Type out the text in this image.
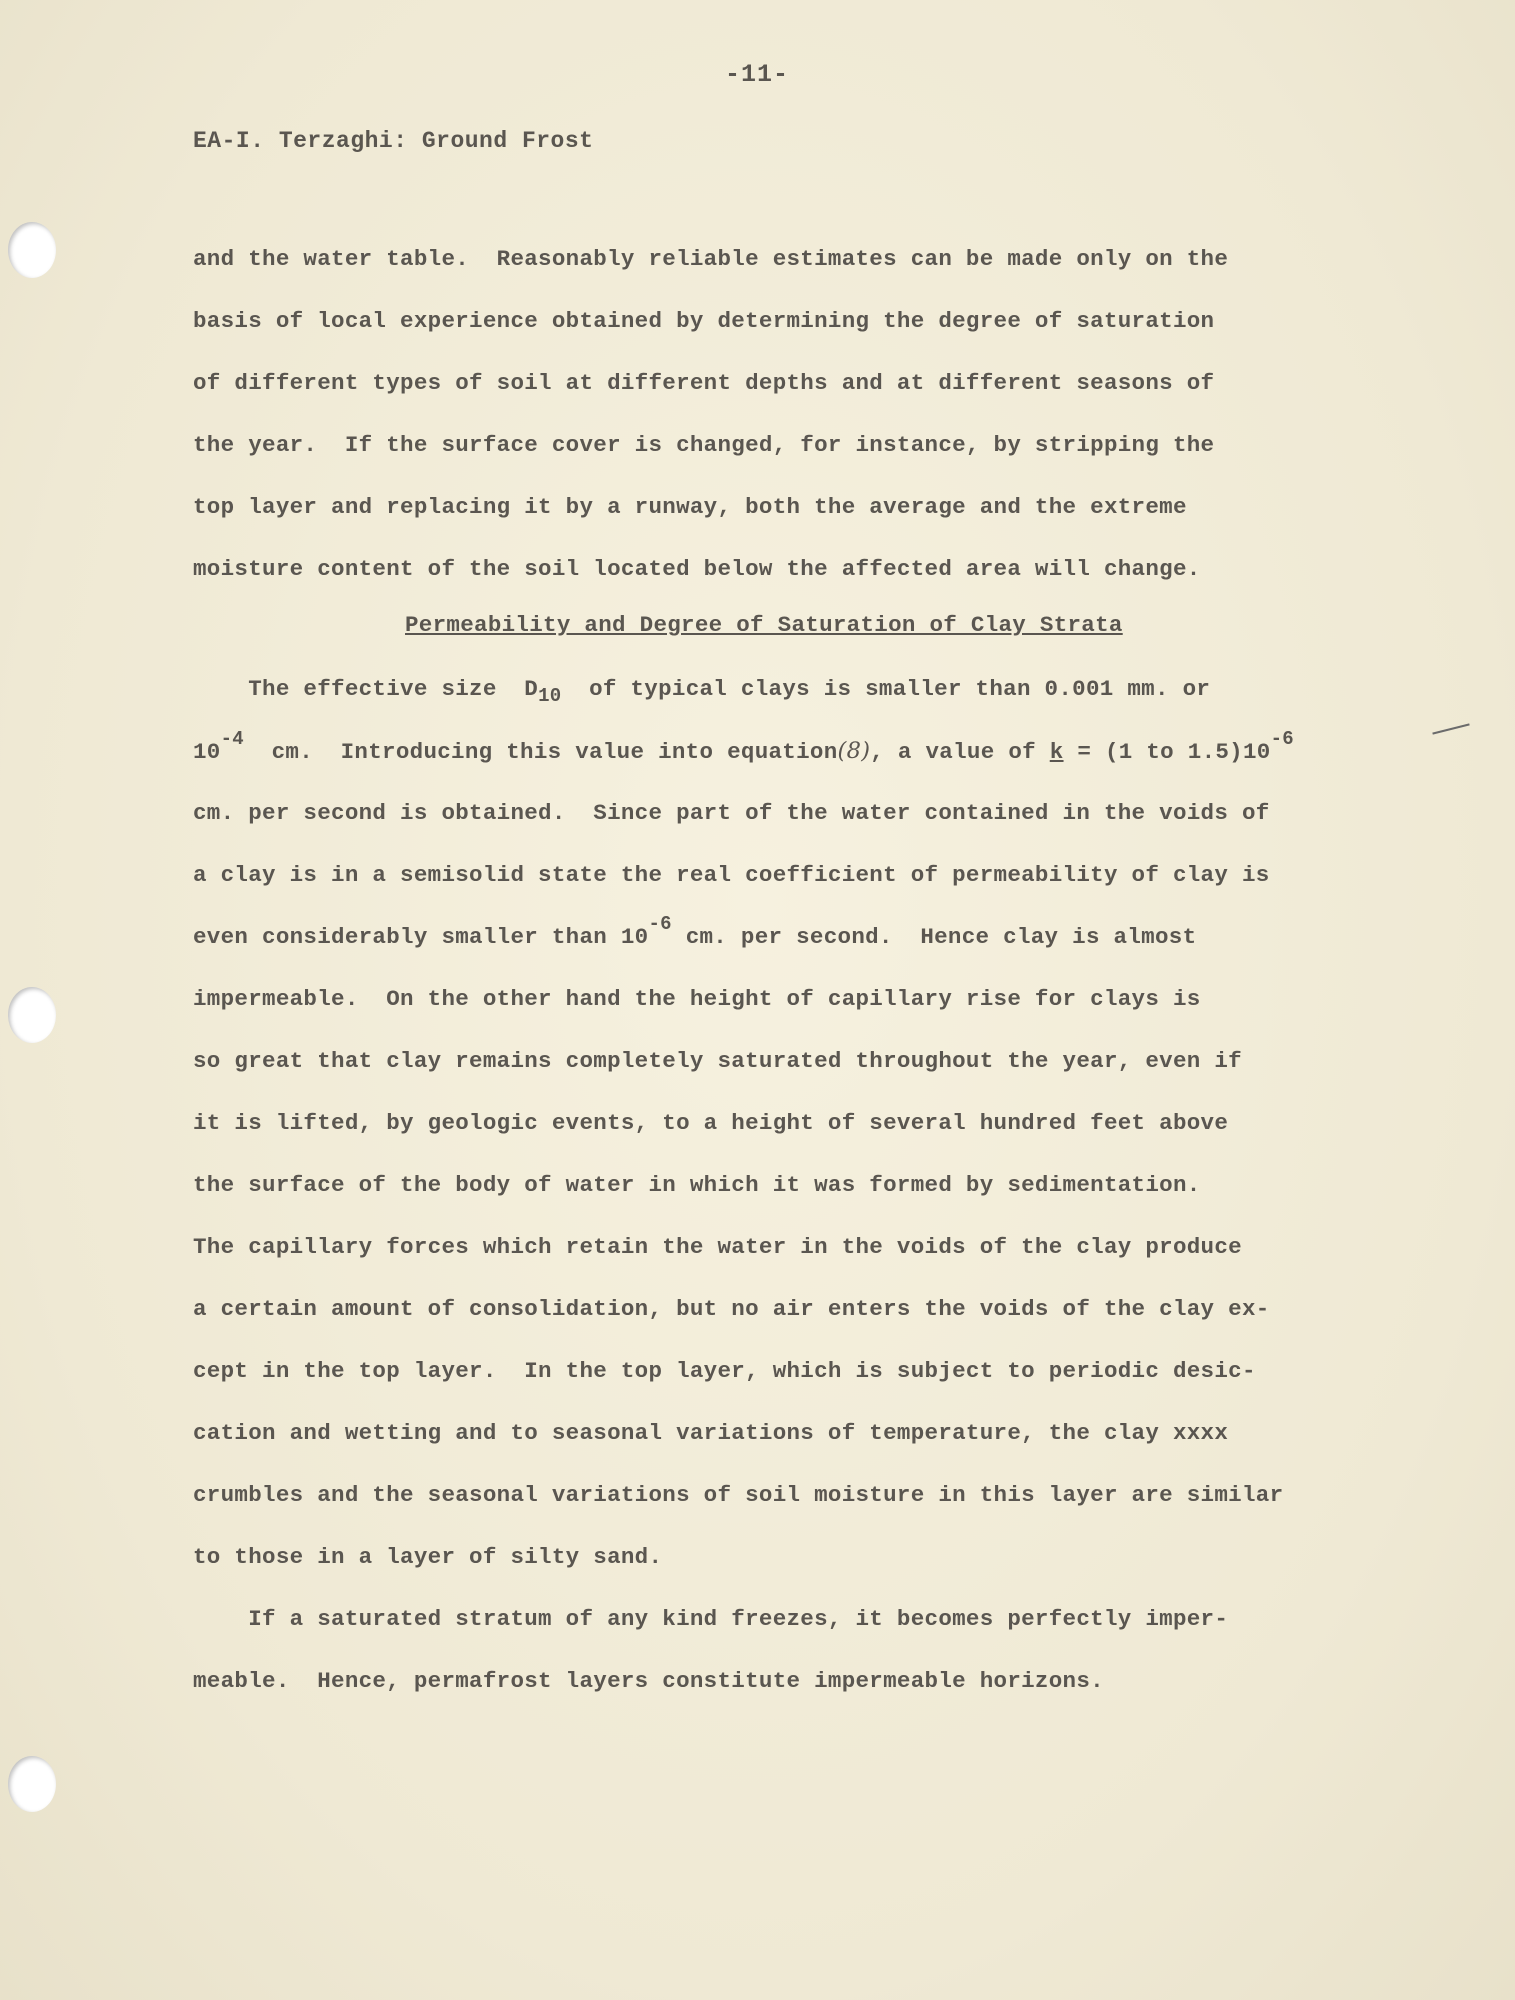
-11-
EA-I. Terzaghi: Ground Frost
and the water table.  Reasonably reliable estimates can be made only on the
basis of local experience obtained by determining the degree of saturation
of different types of soil at different depths and at different seasons of
the year.  If the surface cover is changed, for instance, by stripping the
top layer and replacing it by a runway, both the average and the extreme
moisture content of the soil located below the affected area will change.
Permeability and Degree of Saturation of Clay Strata
The effective size  $D_{10}$  of typical clays is smaller than 0.001 mm. or
$10^{-4}$  cm.  Introducing this value into equation(8), a value of k = (1 to $1.5)10^{-6}$
cm. per second is obtained.  Since part of the water contained in the voids of
a clay is in a semisolid state the real coefficient of permeability of clay is
even considerably smaller than $10^{-6}$ cm. per second.  Hence clay is almost
impermeable.  On the other hand the height of capillary rise for clays is
so great that clay remains completely saturated throughout the year, even if
it is lifted, by geologic events, to a height of several hundred feet above
the surface of the body of water in which it was formed by sedimentation.
The capillary forces which retain the water in the voids of the clay produce
a certain amount of consolidation, but no air enters the voids of the clay ex-
cept in the top layer.  In the top layer, which is subject to periodic desic-
cation and wetting and to seasonal variations of temperature, the clay xxxx
crumbles and the seasonal variations of soil moisture in this layer are similar
to those in a layer of silty sand.
If a saturated stratum of any kind freezes, it becomes perfectly imper-
meable.  Hence, permafrost layers constitute impermeable horizons.
